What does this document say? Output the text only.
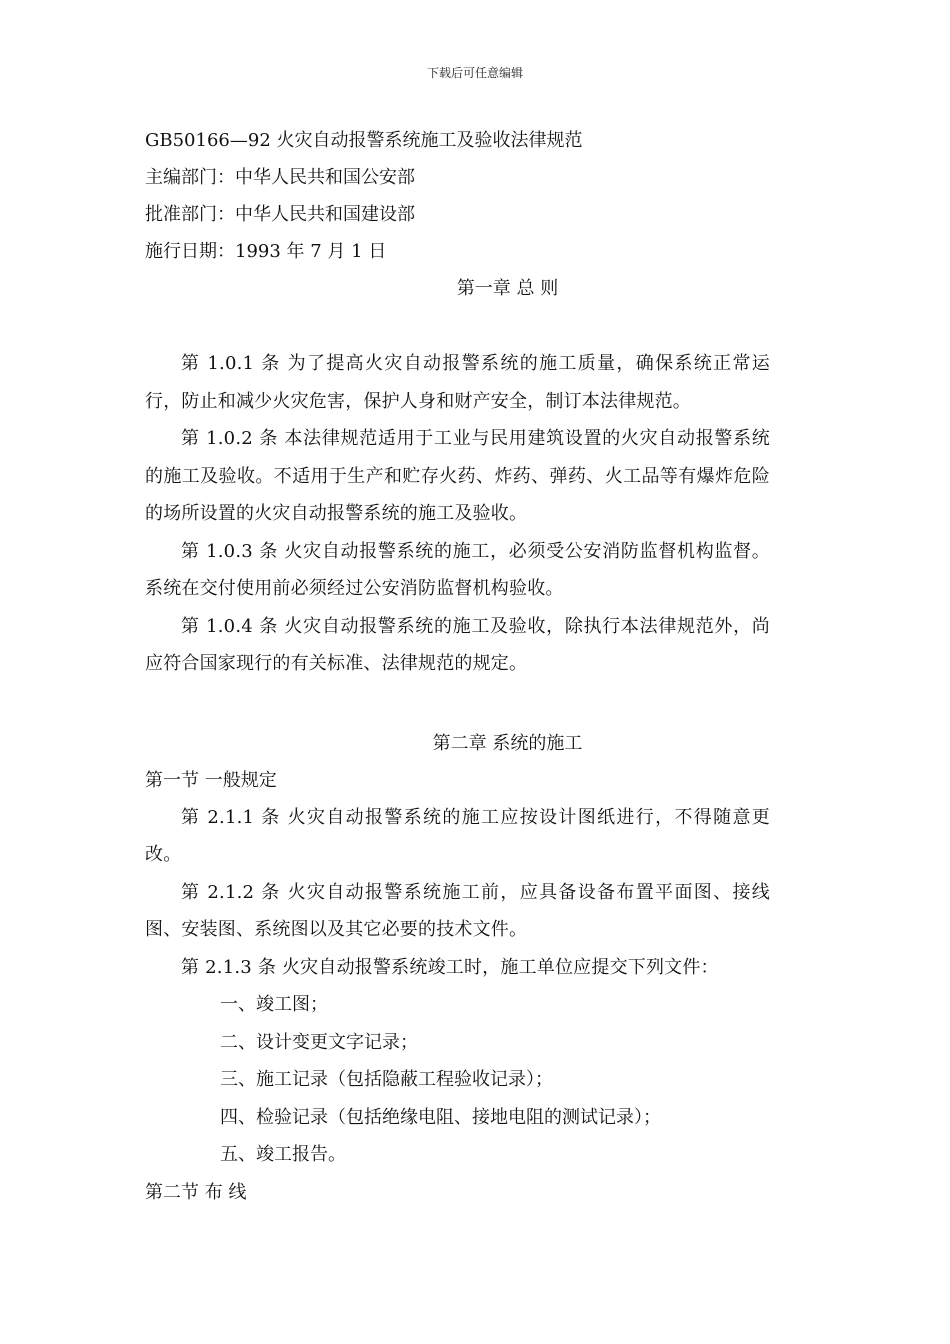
下载后可任意编辑
GB50166—92 火灾自动报警系统施工及验收法律规范
主编部门：中华人民共和国公安部
批准部门：中华人民共和国建设部
施行日期：1993 年 7 月 1 日
第一章 总 则
第 1.0.1 条 为了提高火灾自动报警系统的施工质量，确保系统正常运行，防止和减少火灾危害，保护人身和财产安全，制订本法律规范。
第 1.0.2 条 本法律规范适用于工业与民用建筑设置的火灾自动报警系统的施工及验收。不适用于生产和贮存火药、炸药、弹药、火工品等有爆炸危险的场所设置的火灾自动报警系统的施工及验收。
第 1.0.3 条 火灾自动报警系统的施工，必须受公安消防监督机构监督。系统在交付使用前必须经过公安消防监督机构验收。
第 1.0.4 条 火灾自动报警系统的施工及验收，除执行本法律规范外，尚应符合国家现行的有关标准、法律规范的规定。
第二章 系统的施工
第一节 一般规定
第 2.1.1 条 火灾自动报警系统的施工应按设计图纸进行，不得随意更改。
第 2.1.2 条 火灾自动报警系统施工前，应具备设备布置平面图、接线图、安装图、系统图以及其它必要的技术文件。
第 2.1.3 条 火灾自动报警系统竣工时，施工单位应提交下列文件：
一、竣工图；
二、设计变更文字记录；
三、施工记录（包括隐蔽工程验收记录）；
四、检验记录（包括绝缘电阻、接地电阻的测试记录）；
五、竣工报告。
第二节 布 线
